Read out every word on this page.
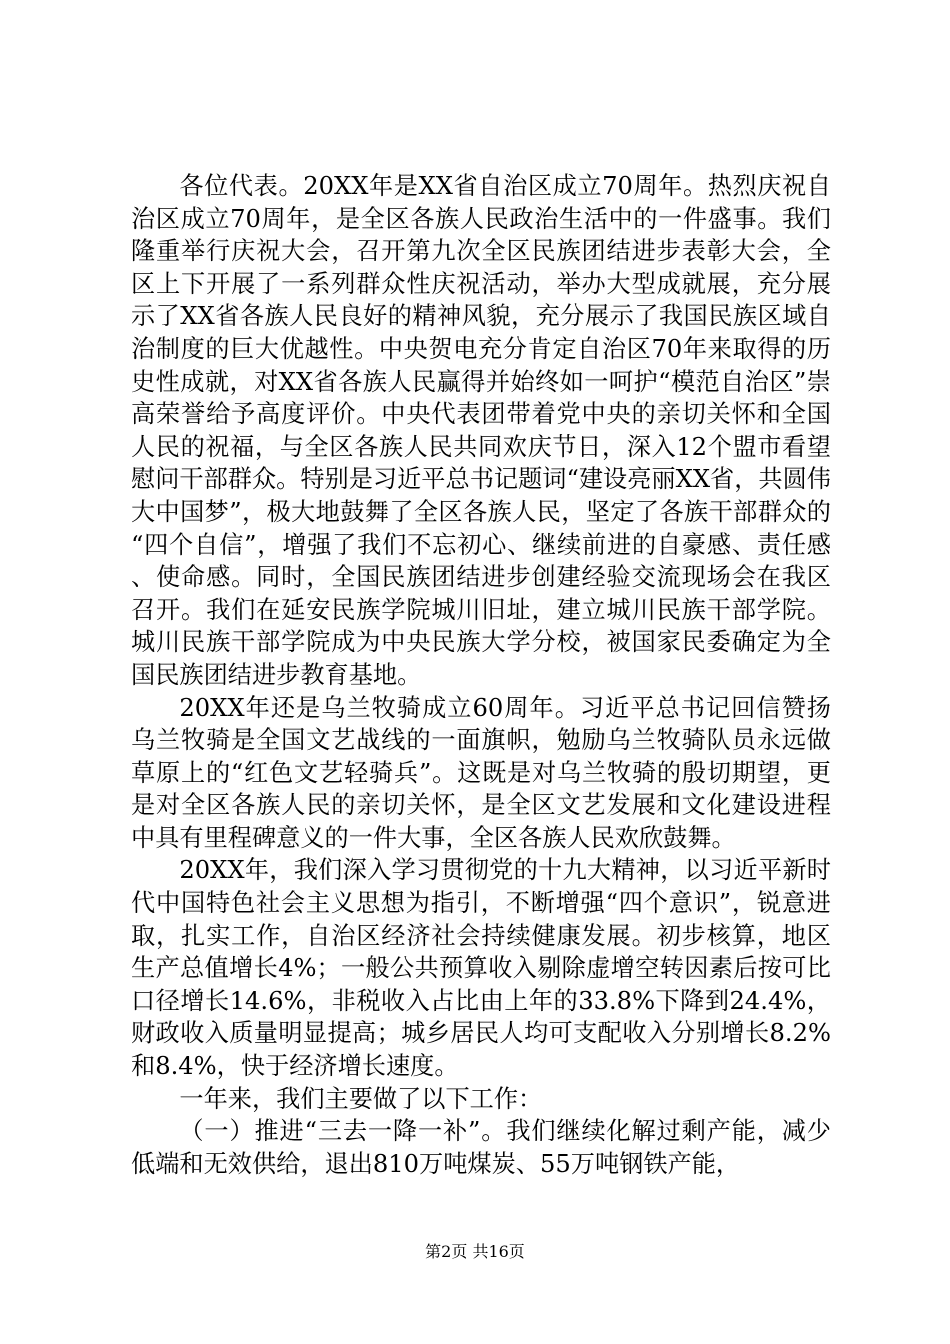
各位代表。20XX年是XX省自治区成立70周年。热烈庆祝自治区成立70周年，是全区各族人民政治生活中的一件盛事。我们隆重举行庆祝大会，召开第九次全区民族团结进步表彰大会，全区上下开展了一系列群众性庆祝活动，举办大型成就展，充分展示了XX省各族人民良好的精神风貌，充分展示了我国民族区域自治制度的巨大优越性。中央贺电充分肯定自治区70年来取得的历史性成就，对XX省各族人民赢得并始终如一呵护“模范自治区”崇高荣誉给予高度评价。中央代表团带着党中央的亲切关怀和全国人民的祝福，与全区各族人民共同欢庆节日，深入12个盟市看望慰问干部群众。特别是习近平总书记题词“建设亮丽XX省，共圆伟大中国梦”，极大地鼓舞了全区各族人民，坚定了各族干部群众的“四个自信”，增强了我们不忘初心、继续前进的自豪感、责任感、使命感。同时，全国民族团结进步创建经验交流现场会在我区召开。我们在延安民族学院城川旧址，建立城川民族干部学院。城川民族干部学院成为中央民族大学分校，被国家民委确定为全国民族团结进步教育基地。

20XX年还是乌兰牧骑成立60周年。习近平总书记回信赞扬乌兰牧骑是全国文艺战线的一面旗帜，勉励乌兰牧骑队员永远做草原上的“红色文艺轻骑兵”。这既是对乌兰牧骑的殷切期望，更是对全区各族人民的亲切关怀，是全区文艺发展和文化建设进程中具有里程碑意义的一件大事，全区各族人民欢欣鼓舞。

20XX年，我们深入学习贯彻党的十九大精神，以习近平新时代中国特色社会主义思想为指引，不断增强“四个意识”，锐意进取，扎实工作，自治区经济社会持续健康发展。初步核算，地区生产总值增长4%；一般公共预算收入剔除虚增空转因素后按可比口径增长14.6%，非税收入占比由上年的33.8%下降到24.4%，财政收入质量明显提高；城乡居民人均可支配收入分别增长8.2%和8.4%，快于经济增长速度。

一年来，我们主要做了以下工作：

（一）推进“三去一降一补”。我们继续化解过剩产能，减少低端和无效供给，退出810万吨煤炭、55万吨钢铁产能，

第2页 共16页
